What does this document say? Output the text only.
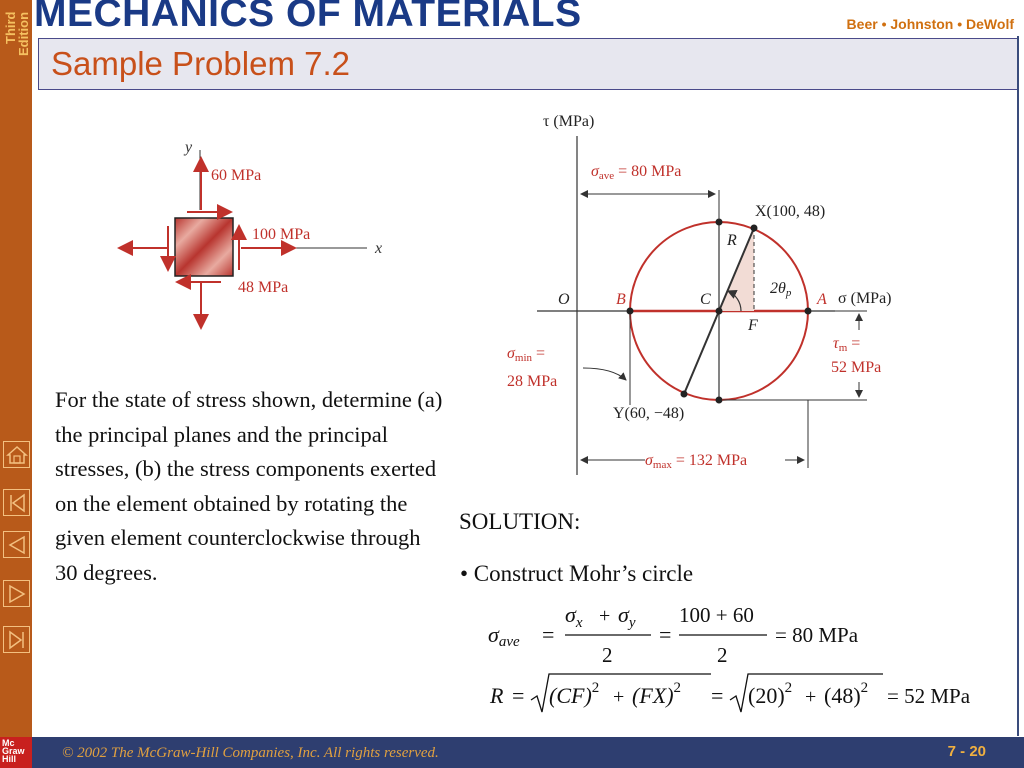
Third
Edition MECHANICS OF MATERIALS	Beer • Johnston • DeWolf
Sample Problem 7.2
y
x
60 MPa
100 MPa
48 MPa
τ (MPa)
σ (MPa)
σave = 80 MPa
X(100, 48)
Y(60, −48)
R
O	B	C	A
F
2θp
σmin =
28 MPa
τm =
52 MPa
σmax = 132 MPa
For the state of stress shown, determine (a) the principal planes and the principal stresses, (b) the stress components exerted on the element obtained by rotating the given element counterclockwise through 30 degrees.
SOLUTION:
• Construct Mohr’s circle
σave =
$\sigma_x + \sigma_y$
2
=
100 + 60
2
= 80 MPa
$R = (CF)^2 + (FX)^2 = (20)^2 + (48)^2 = 52$ MPa
Mc
Graw
Hill	© 2002 The McGraw-Hill Companies, Inc. All rights reserved.	7 - 20
